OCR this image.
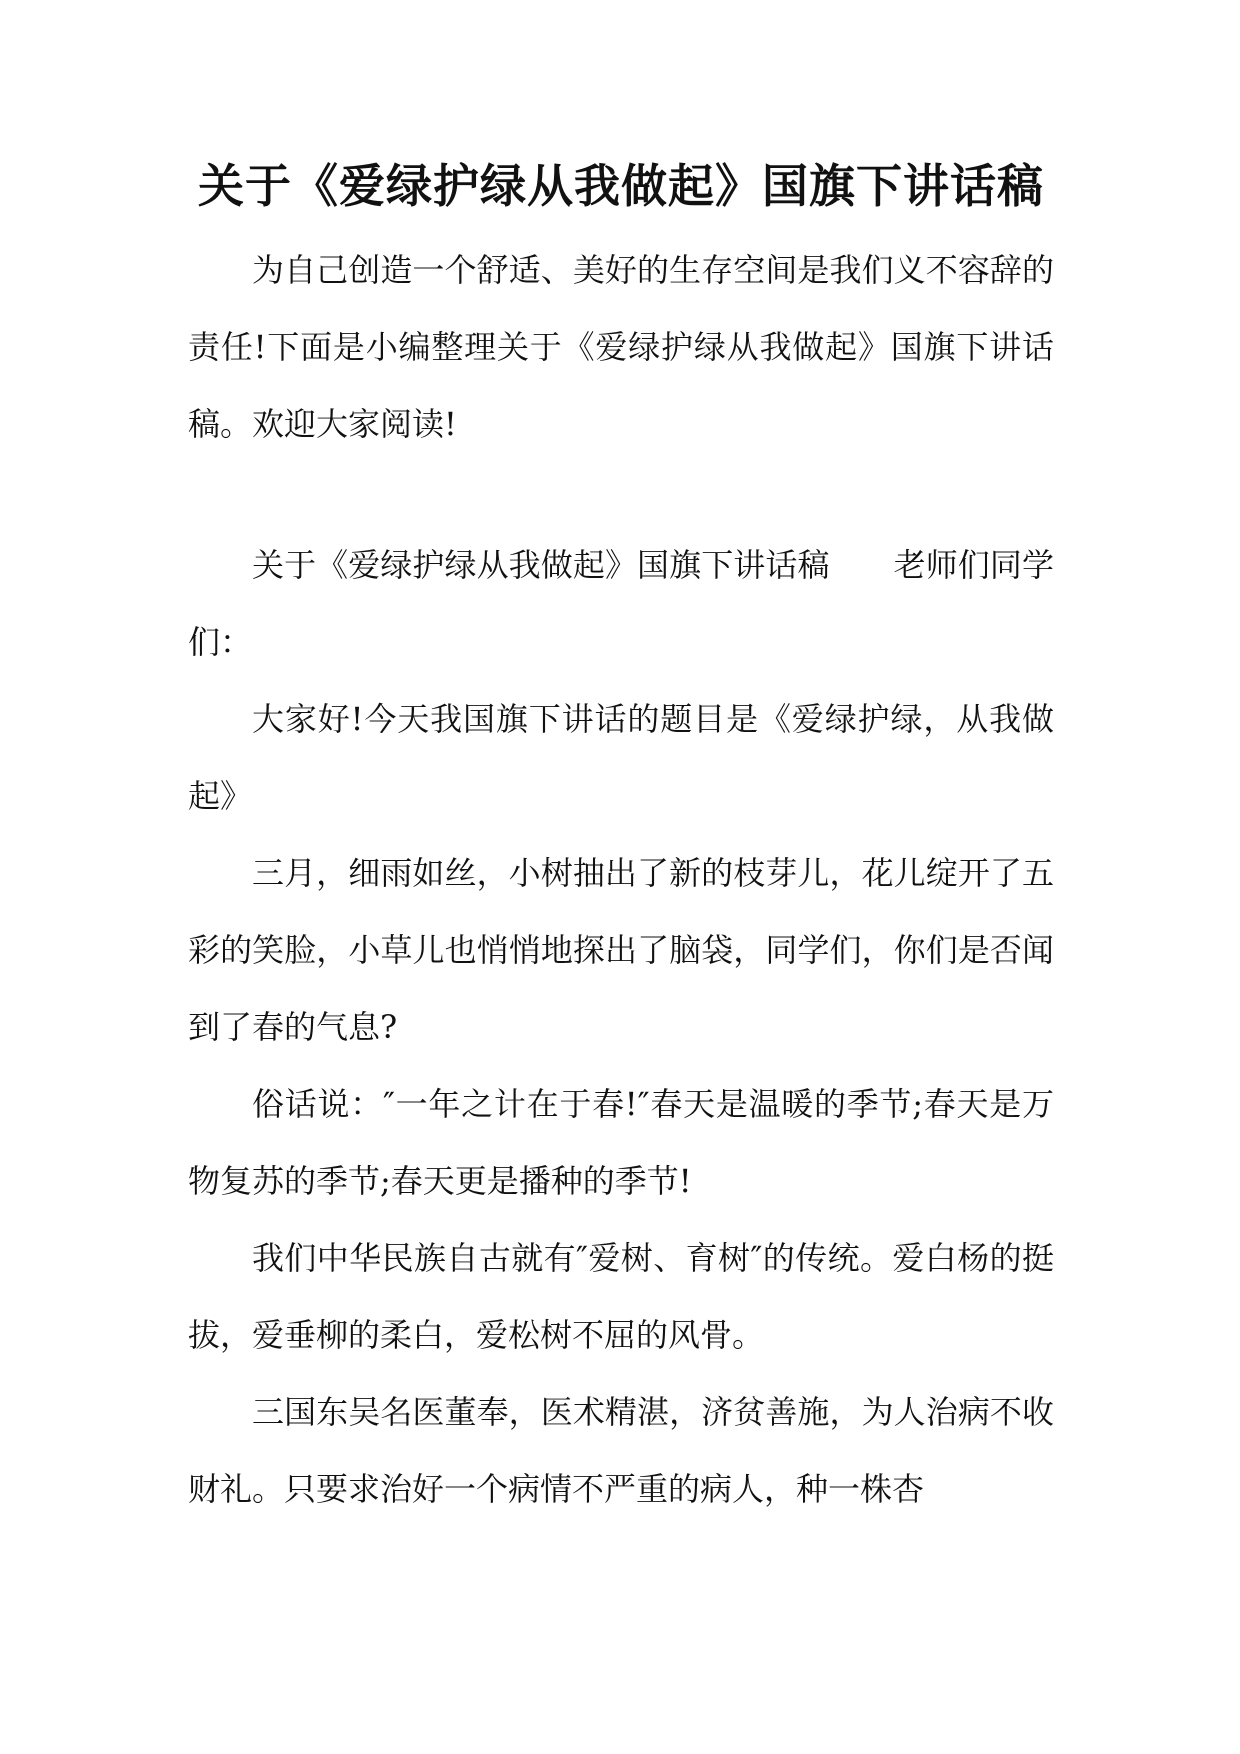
关于《爱绿护绿从我做起》国旗下讲话稿

为自己创造一个舒适、美好的生存空间是我们义不容辞的责任!下面是小编整理关于《爱绿护绿从我做起》国旗下讲话稿。欢迎大家阅读!

关于《爱绿护绿从我做起》国旗下讲话稿 老师们同学们：

大家好!今天我国旗下讲话的题目是《爱绿护绿，从我做起》

三月，细雨如丝，小树抽出了新的枝芽儿，花儿绽开了五彩的笑脸，小草儿也悄悄地探出了脑袋，同学们，你们是否闻到了春的气息?

俗话说：″一年之计在于春!″春天是温暖的季节;春天是万物复苏的季节;春天更是播种的季节!

我们中华民族自古就有″爱树、育树″的传统。爱白杨的挺拔，爱垂柳的柔白，爱松树不屈的风骨。

三国东吴名医董奉，医术精湛，济贫善施，为人治病不收财礼。只要求治好一个病情不严重的病人，种一株杏
